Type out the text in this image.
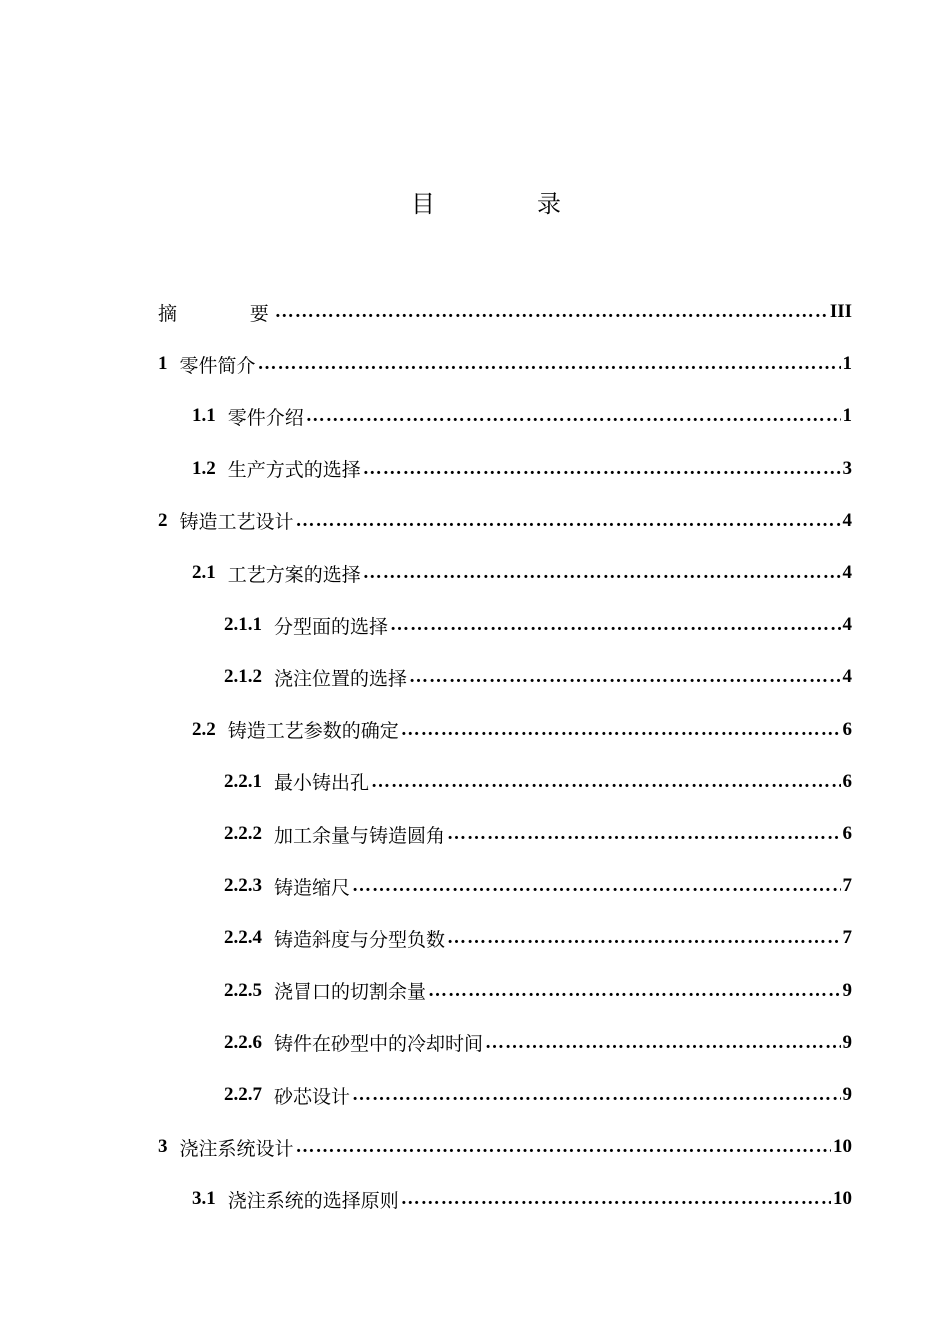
目 录
摘 要 ………………………………………………………………………………………………………………………………………………………………	III
1 零件简介 ………………………………………………………………………………………………………………………………………………………………	1
1.1 零件介绍 ………………………………………………………………………………………………………………………………………………………………	1
1.2 生产方式的选择 ………………………………………………………………………………………………………………………………………………………………	3
2 铸造工艺设计 ………………………………………………………………………………………………………………………………………………………………	4
2.1 工艺方案的选择 ………………………………………………………………………………………………………………………………………………………………	4
2.1.1 分型面的选择 ………………………………………………………………………………………………………………………………………………………………	4
2.1.2 浇注位置的选择 ………………………………………………………………………………………………………………………………………………………………	4
2.2 铸造工艺参数的确定 ………………………………………………………………………………………………………………………………………………………………	6
2.2.1 最小铸出孔 ………………………………………………………………………………………………………………………………………………………………	6
2.2.2 加工余量与铸造圆角 ………………………………………………………………………………………………………………………………………………………………	6
2.2.3 铸造缩尺 ………………………………………………………………………………………………………………………………………………………………	7
2.2.4 铸造斜度与分型负数 ………………………………………………………………………………………………………………………………………………………………	7
2.2.5 浇冒口的切割余量 ………………………………………………………………………………………………………………………………………………………………	9
2.2.6 铸件在砂型中的冷却时间 ………………………………………………………………………………………………………………………………………………………………	9
2.2.7 砂芯设计 ………………………………………………………………………………………………………………………………………………………………	9
3 浇注系统设计 ………………………………………………………………………………………………………………………………………………………………	10
3.1 浇注系统的选择原则 ………………………………………………………………………………………………………………………………………………………………	10
